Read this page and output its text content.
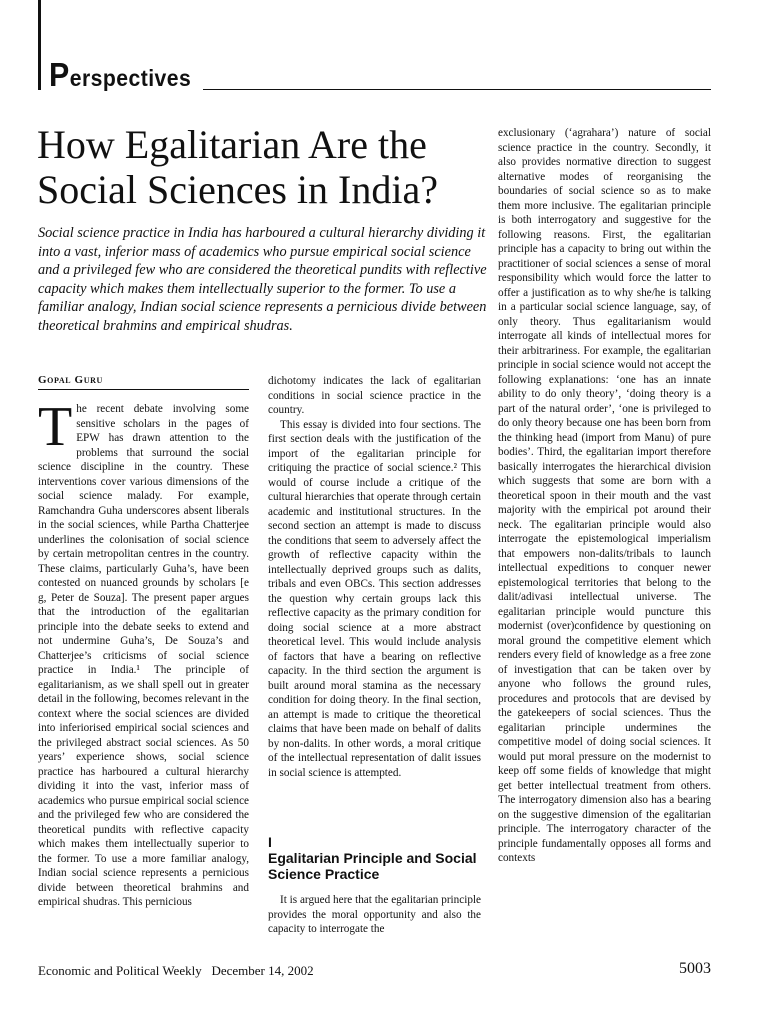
Perspectives
How Egalitarian Are the Social Sciences in India?

Social science practice in India has harboured a cultural hierarchy dividing it into a vast, inferior mass of academics who pursue empirical social science and a privileged few who are considered the theoretical pundits with reflective capacity which makes them intellectually superior to the former. To use a familiar analogy, Indian social science represents a pernicious divide between theoretical brahmins and empirical shudras.

Gopal Guru
T he recent debate involving some sensitive scholars in the pages of EPW has drawn attention to the problems that surround the social science discipline in the country. These interventions cover various dimensions of the social science malady. For example, Ramchandra Guha underscores absent liberals in the social sciences, while Partha Chatterjee underlines the colonisation of social science by certain metropolitan centres in the country. These claims, particularly Guha’s, have been contested on nuanced grounds by scholars [e g, Peter de Souza]. The present paper argues that the introduction of the egalitarian principle into the debate seeks to extend and not undermine Guha’s, De Souza’s and Chatterjee’s criticisms of social science practice in India.¹ The principle of egalitarianism, as we shall spell out in greater detail in the following, becomes relevant in the context where the social sciences are divided into inferiorised empirical social sciences and the privileged abstract social sciences. As 50 years’ experience shows, social science practice has harboured a cultural hierarchy dividing it into the vast, inferior mass of academics who pursue empirical social science and the privileged few who are considered the theoretical pundits with reflective capacity which makes them intellectually superior to the former. To use a more familiar analogy, Indian social science represents a pernicious divide between theoretical brahmins and empirical shudras. This pernicious

dichotomy indicates the lack of egalitarian conditions in social science practice in the country.

This essay is divided into four sections. The first section deals with the justification of the import of the egalitarian principle for critiquing the practice of social science.² This would of course include a critique of the cultural hierarchies that operate through certain academic and institutional structures. In the second section an attempt is made to discuss the conditions that seem to adversely affect the growth of reflective capacity within the intellectually deprived groups such as dalits, tribals and even OBCs. This section addresses the question why certain groups lack this reflective capacity as the primary condition for doing social science at a more abstract theoretical level. This would include analysis of factors that have a bearing on reflective capacity. In the third section the argument is built around moral stamina as the necessary condition for doing theory. In the final section, an attempt is made to critique the theoretical claims that have been made on behalf of dalits by non-dalits. In other words, a moral critique of the intellectual representation of dalit issues in social science is attempted.

I
Egalitarian Principle and Social Science Practice

It is argued here that the egalitarian principle provides the moral opportunity and also the capacity to interrogate the

exclusionary (‘agrahara’) nature of social science practice in the country. Secondly, it also provides normative direction to suggest alternative modes of reorganising the boundaries of social science so as to make them more inclusive. The egalitarian principle is both interrogatory and suggestive for the following reasons. First, the egalitarian principle has a capacity to bring out within the practitioner of social sciences a sense of moral responsibility which would force the latter to offer a justification as to why she/he is talking in a particular social science language, say, of only theory. Thus egalitarianism would interrogate all kinds of intellectual mores for their arbitrariness. For example, the egalitarian principle in social science would not accept the following explanations: ‘one has an innate ability to do only theory’, ‘doing theory is a part of the natural order’, ‘one is privileged to do only theory because one has been born from the thinking head (import from Manu) of pure bodies’. Third, the egalitarian import therefore basically interrogates the hierarchical division which suggests that some are born with a theoretical spoon in their mouth and the vast majority with the empirical pot around their neck. The egalitarian principle would also interrogate the epistemological imperialism that empowers non-dalits/tribals to launch intellectual expeditions to conquer newer epistemological territories that belong to the dalit/adivasi intellectual universe. The egalitarian principle would puncture this modernist (over)confidence by questioning on moral ground the competitive element which renders every field of knowledge as a free zone of investigation that can be taken over by anyone who follows the ground rules, procedures and protocols that are devised by the gatekeepers of social sciences. Thus the egalitarian principle undermines the competitive model of doing social sciences. It would put moral pressure on the modernist to keep off some fields of knowledge that might get better intellectual treatment from others. The interrogatory dimension also has a bearing on the suggestive dimension of the egalitarian principle. The interrogatory character of the principle fundamentally opposes all forms and contexts

Economic and Political Weekly December 14, 2002	5003
